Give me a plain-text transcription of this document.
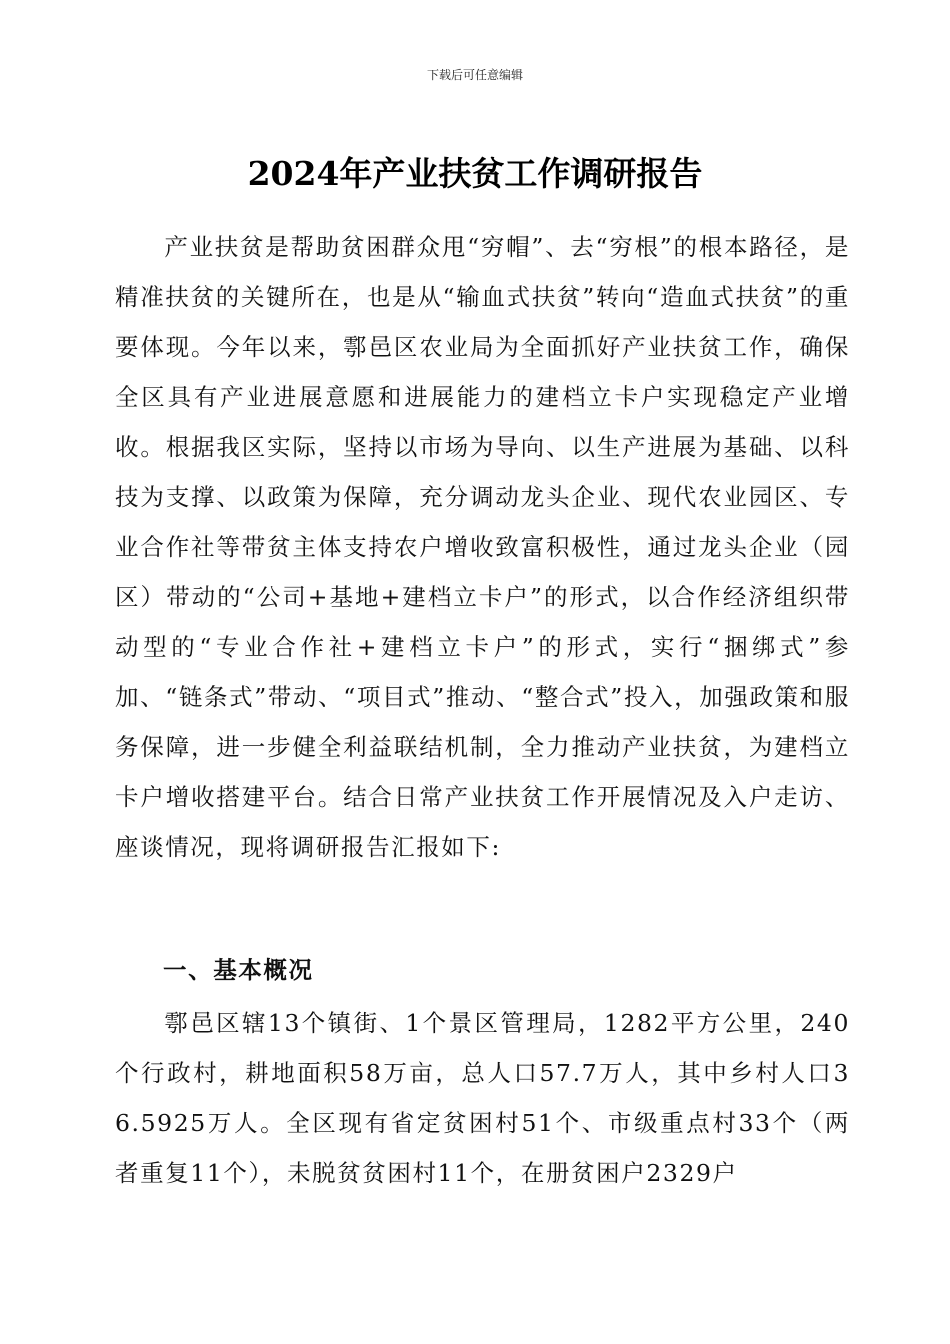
下载后可任意编辑
2024年产业扶贫工作调研报告
产业扶贫是帮助贫困群众甩“穷帽”、去“穷根”的根本路径，是精准扶贫的关键所在，也是从“输血式扶贫”转向“造血式扶贫”的重要体现。今年以来，鄠邑区农业局为全面抓好产业扶贫工作，确保全区具有产业进展意愿和进展能力的建档立卡户实现稳定产业增收。根据我区实际，坚持以市场为导向、以生产进展为基础、以科技为支撑、以政策为保障，充分调动龙头企业、现代农业园区、专业合作社等带贫主体支持农户增收致富积极性，通过龙头企业（园区）带动的“公司+基地+建档立卡户”的形式，以合作经济组织带动型的“专业合作社+建档立卡户”的形式，实行“捆绑式”参加、“链条式”带动、“项目式”推动、“整合式”投入，加强政策和服务保障，进一步健全利益联结机制，全力推动产业扶贫，为建档立卡户增收搭建平台。结合日常产业扶贫工作开展情况及入户走访、座谈情况，现将调研报告汇报如下:
一、基本概况
鄠邑区辖13个镇街、1个景区管理局，1282平方公里，240个行政村，耕地面积58万亩，总人口57.7万人，其中乡村人口36.5925万人。全区现有省定贫困村51个、市级重点村33个（两者重复11个），未脱贫贫困村11个，在册贫困户2329户
